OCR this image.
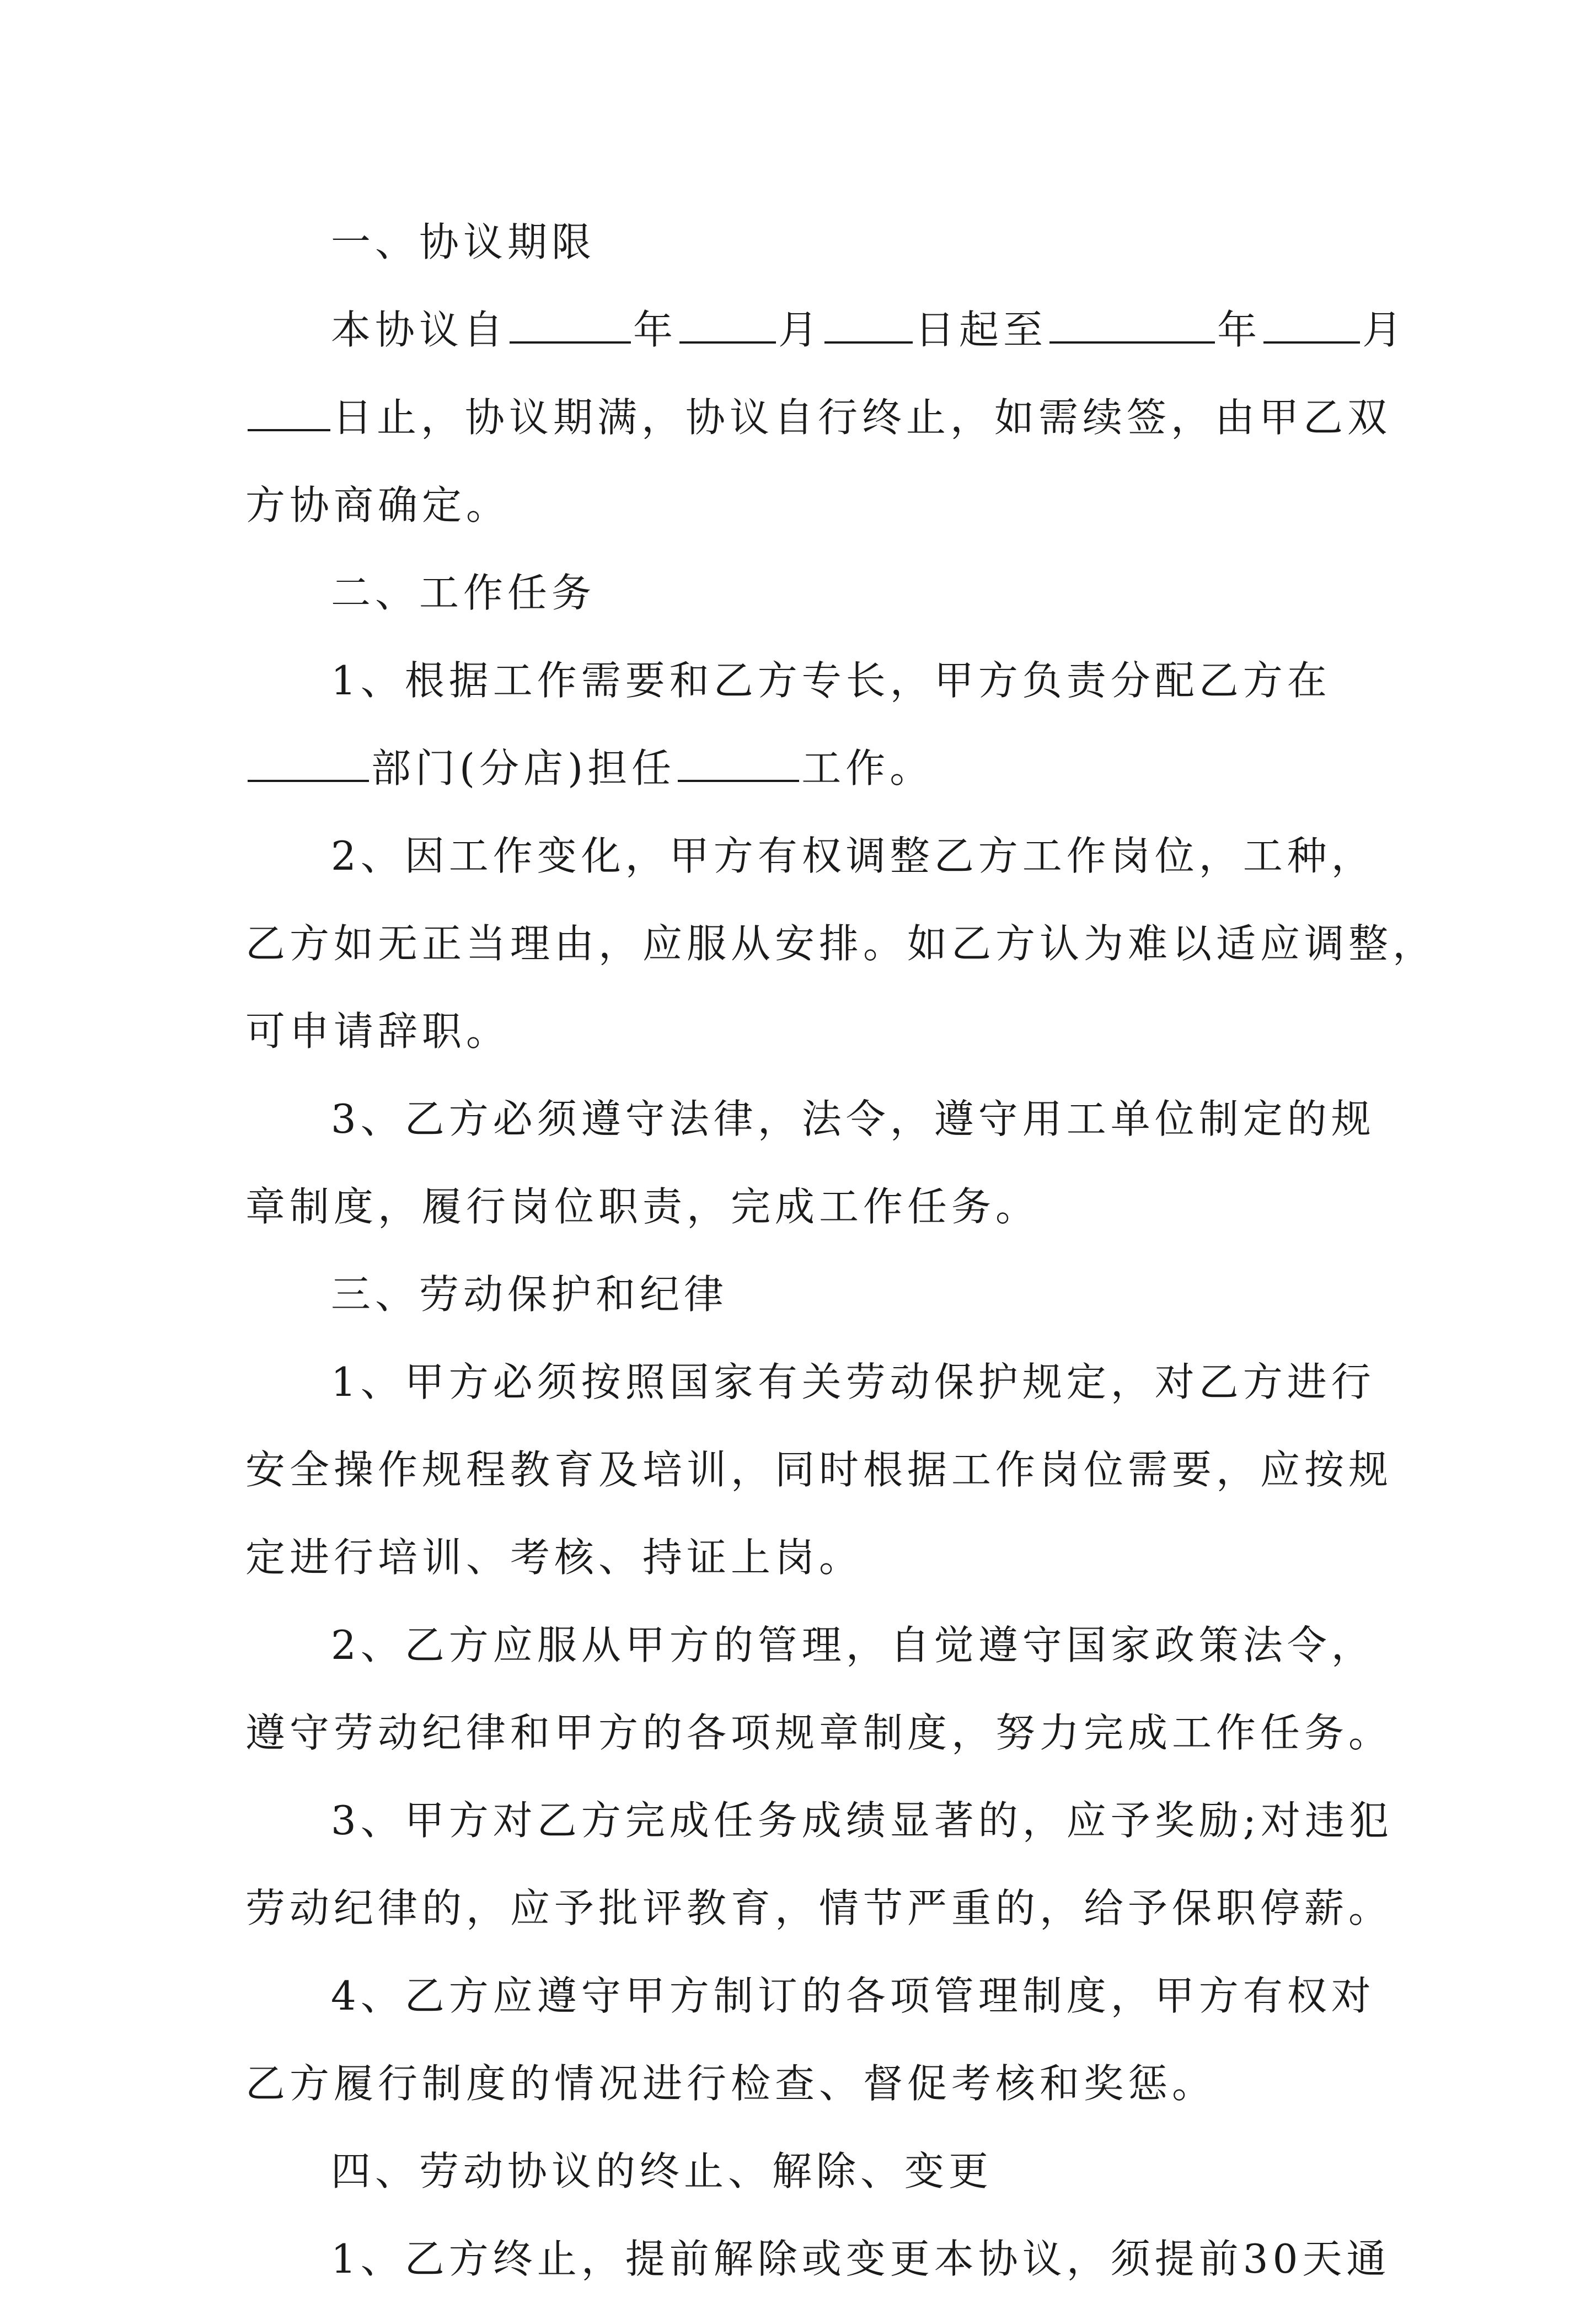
一、协议期限
本协议自	年	月 日起至	年	月
日止，协议期满，协议自行终止，如需续签，由甲乙双
方协商确定。
二、工作任务
1、根据工作需要和乙方专长，甲方负责分配乙方在
部门(分店)担任	工作。
2、因工作变化，甲方有权调整乙方工作岗位，工种，
乙方如无正当理由，应服从安排。如乙方认为难以适应调整，
可申请辞职。
3、乙方必须遵守法律，法令，遵守用工单位制定的规
章制度，履行岗位职责，完成工作任务。
三、劳动保护和纪律
1、甲方必须按照国家有关劳动保护规定，对乙方进行
安全操作规程教育及培训，同时根据工作岗位需要，应按规
定进行培训、考核、持证上岗。
2、乙方应服从甲方的管理，自觉遵守国家政策法令，
遵守劳动纪律和甲方的各项规章制度，努力完成工作任务。
3、甲方对乙方完成任务成绩显著的，应予奖励;对违犯
劳动纪律的，应予批评教育，情节严重的，给予保职停薪。
4、乙方应遵守甲方制订的各项管理制度，甲方有权对
乙方履行制度的情况进行检查、督促考核和奖惩。
四、劳动协议的终止、解除、变更
1、乙方终止，提前解除或变更本协议，须提前30天通
